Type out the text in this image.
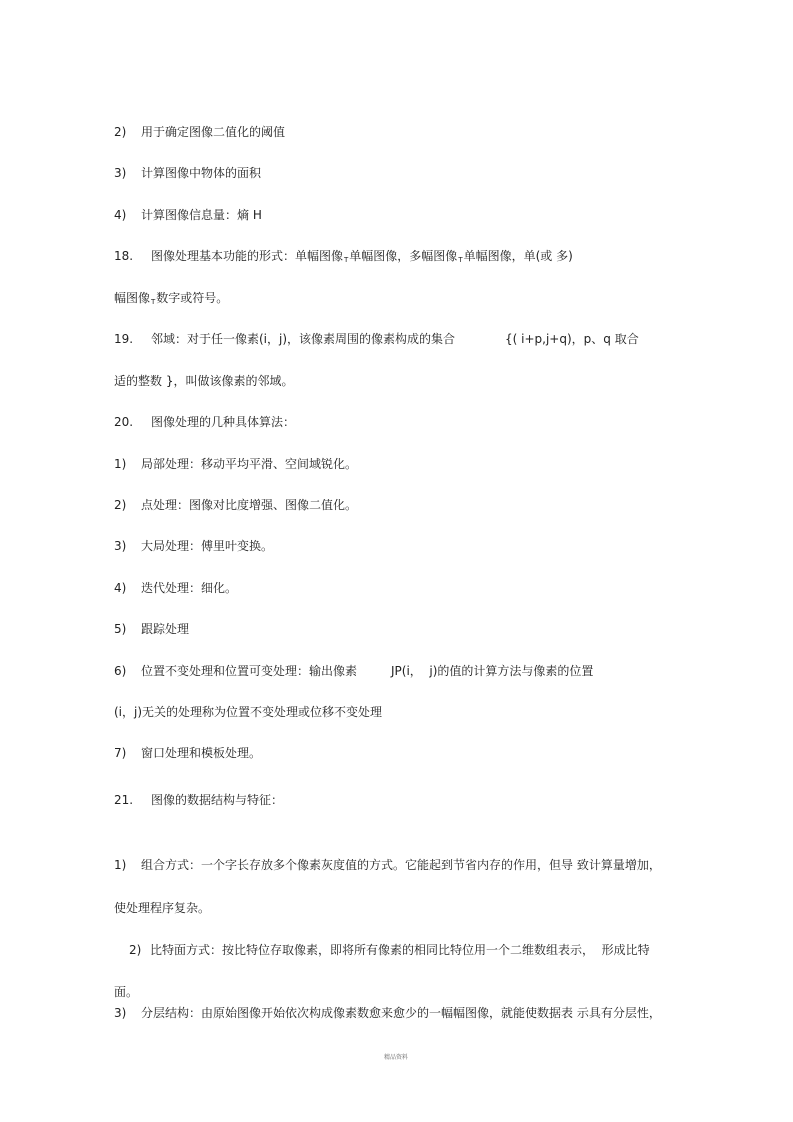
2) 用于确定图像二值化的阈值
3) 计算图像中物体的面积
4) 计算图像信息量：熵 H
18. 图像处理基本功能的形式：单幅图像$_T$单幅图像，多幅图像$_T$单幅图像，单(或 多)
幅图像$_T$数字或符号。
19. 邻域：对于任一像素(i，j)，该像素周围的像素构成的集合	{( i+p,j+q)，p、q 取合
适的整数 }，叫做该像素的邻域。
20. 图像处理的几种具体算法：
1) 局部处理：移动平均平滑、空间域锐化。
2) 点处理：图像对比度增强、图像二值化。
3) 大局处理：傅里叶变换。
4) 迭代处理：细化。
5) 跟踪处理
6) 位置不变处理和位置可变处理：输出像素	JP(i，  j)的值的计算方法与像素的位置
(i，j)无关的处理称为位置不变处理或位移不变处理
7) 窗口处理和模板处理。
21. 图像的数据结构与特征：
1) 组合方式：一个字长存放多个像素灰度值的方式。它能起到节省内存的作用，但导 致计算量增加，
使处理程序复杂。
2) 比特面方式：按比特位存取像素，即将所有像素的相同比特位用一个二维数组表示，  形成比特
面。
3) 分层结构：由原始图像开始依次构成像素数愈来愈少的一幅幅图像，就能使数据表 示具有分层性，
精品资料
